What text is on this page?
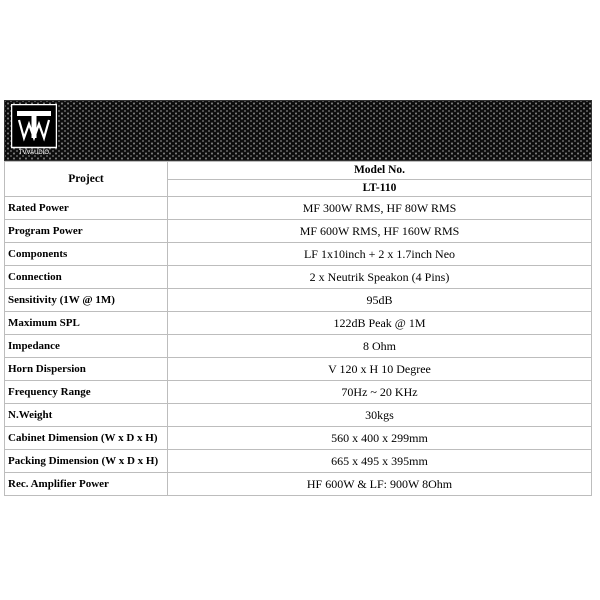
TVVAUDIO
Project	Model No.
	LT-110
Rated Power	MF 300W RMS, HF 80W RMS
Program Power	MF 600W RMS, HF 160W RMS
Components	LF 1x10inch + 2 x 1.7inch Neo
Connection	2 x Neutrik Speakon (4 Pins)
Sensitivity (1W @ 1M)	95dB
Maximum SPL	122dB Peak @ 1M
Impedance	8 Ohm
Horn Dispersion	V 120 x H 10 Degree
Frequency Range	70Hz ~ 20 KHz
N.Weight	30kgs
Cabinet Dimension (W x D x H)	560 x 400 x 299mm
Packing Dimension (W x D x H)	665 x 495 x 395mm
Rec. Amplifier Power	HF 600W & LF: 900W 8Ohm
